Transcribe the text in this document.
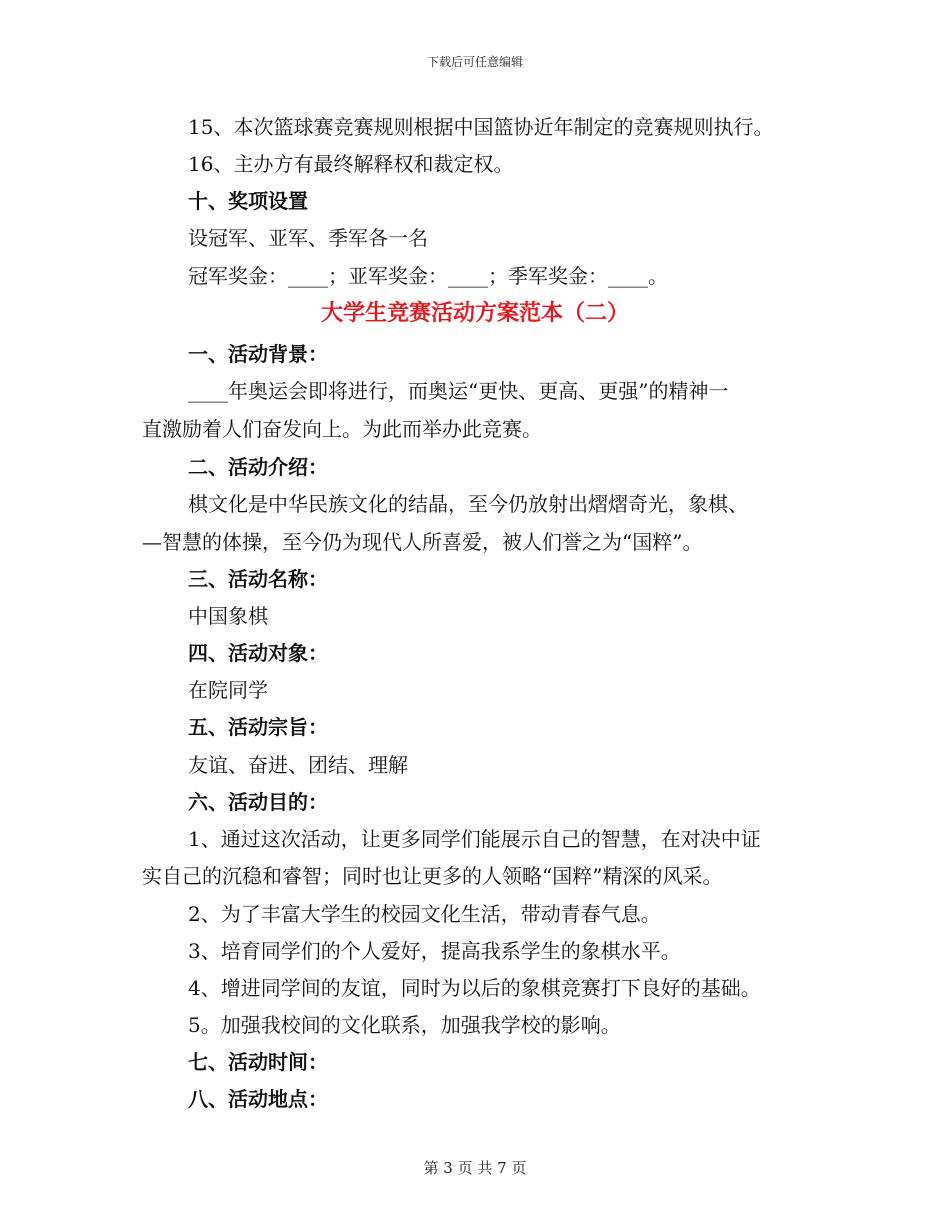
下载后可任意编辑
15、本次篮球赛竞赛规则根据中国篮协近年制定的竞赛规则执行。
16、主办方有最终解释权和裁定权。
十、奖项设置
设冠军、亚军、季军各一名
冠军奖金：____；亚军奖金：____；季军奖金：____。
大学生竞赛活动方案范本（二）
一、活动背景：
____年奥运会即将进行，而奥运“更快、更高、更强”的精神一
直激励着人们奋发向上。为此而举办此竞赛。
二、活动介绍：
棋文化是中华民族文化的结晶，至今仍放射出熠熠奇光，象棋、
—智慧的体操，至今仍为现代人所喜爱，被人们誉之为“国粹”。
三、活动名称：
中国象棋
四、活动对象：
在院同学
五、活动宗旨：
友谊、奋进、团结、理解
六、活动目的：
1、通过这次活动，让更多同学们能展示自己的智慧，在对决中证
实自己的沉稳和睿智；同时也让更多的人领略“国粹”精深的风采。
2、为了丰富大学生的校园文化生活，带动青春气息。
3、培育同学们的个人爱好，提高我系学生的象棋水平。
4、增进同学间的友谊，同时为以后的象棋竞赛打下良好的基础。
5。加强我校间的文化联系，加强我学校的影响。
七、活动时间：
八、活动地点：
第 3 页 共 7 页
